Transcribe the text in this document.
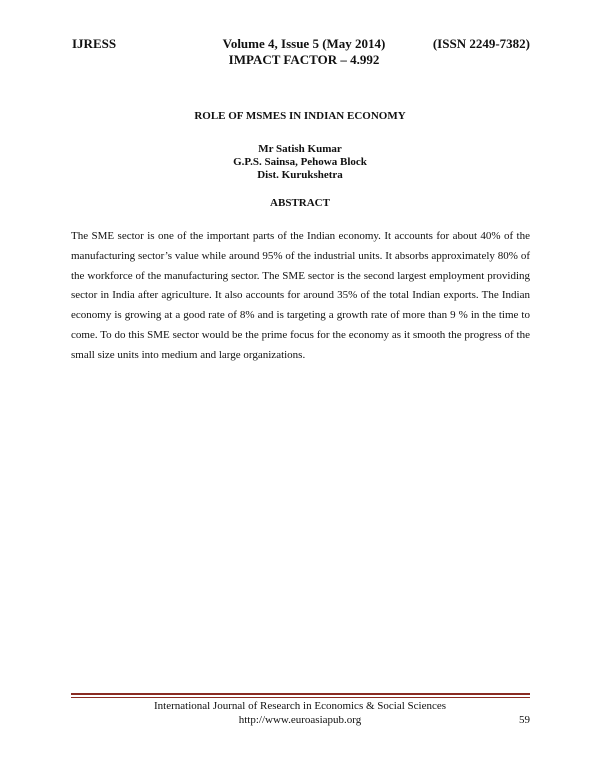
IJRESS	Volume 4, Issue 5 (May 2014)	(ISSN 2249-7382)
IMPACT FACTOR – 4.992
ROLE OF MSMES IN INDIAN ECONOMY
Mr Satish Kumar
G.P.S. Sainsa, Pehowa Block
Dist. Kurukshetra
ABSTRACT
The SME sector is one of the important parts of the Indian economy. It accounts for about 40% of the manufacturing sector’s value while around 95% of the industrial units. It absorbs approximately 80% of the workforce of the manufacturing sector. The SME sector is the second largest employment providing sector in India after agriculture. It also accounts for around 35% of the total Indian exports. The Indian economy is growing at a good rate of 8% and is targeting a growth rate of more than 9 % in the time to come. To do this SME sector would be the prime focus for the economy as it smooth the progress of the small size units into medium and large organizations.
International Journal of Research in Economics & Social Sciences
http://www.euroasiapub.org	59
